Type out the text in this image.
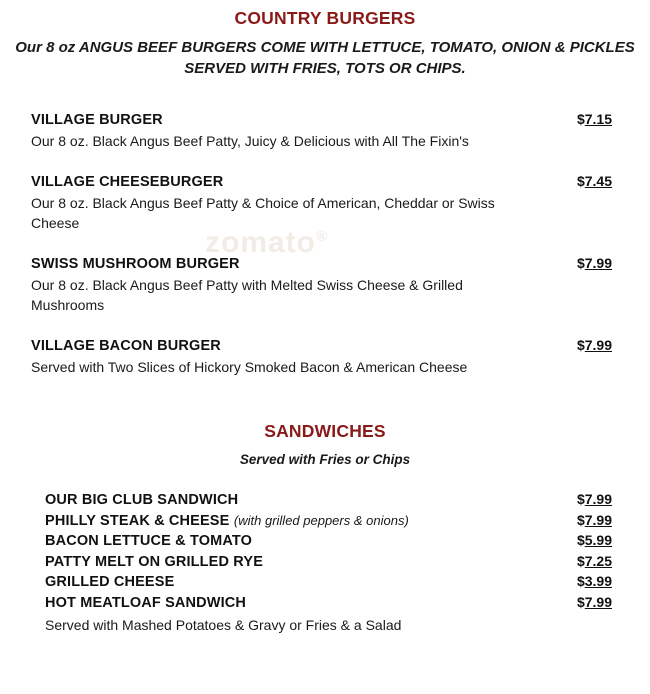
zomato®
COUNTRY BURGERS
Our 8 oz ANGUS BEEF BURGERS COME WITH LETTUCE, TOMATO, ONION & PICKLES
SERVED WITH FRIES, TOTS OR CHIPS.
VILLAGE BURGER	$7.15
Our 8 oz. Black Angus Beef Patty, Juicy & Delicious with All The Fixin's
VILLAGE CHEESEBURGER	$7.45
Our 8 oz. Black Angus Beef Patty & Choice of American, Cheddar or Swiss Cheese
SWISS MUSHROOM BURGER	$7.99
Our 8 oz. Black Angus Beef Patty with Melted Swiss Cheese & Grilled Mushrooms
VILLAGE BACON BURGER	$7.99
Served with Two Slices of Hickory Smoked Bacon & American Cheese
SANDWICHES
Served with Fries or Chips
OUR BIG CLUB SANDWICH	$7.99
PHILLY STEAK & CHEESE (with grilled peppers & onions)	$7.99
BACON LETTUCE & TOMATO	$5.99
PATTY MELT ON GRILLED RYE	$7.25
GRILLED CHEESE	$3.99
HOT MEATLOAF SANDWICH	$7.99
Served with Mashed Potatoes & Gravy or Fries & a Salad
